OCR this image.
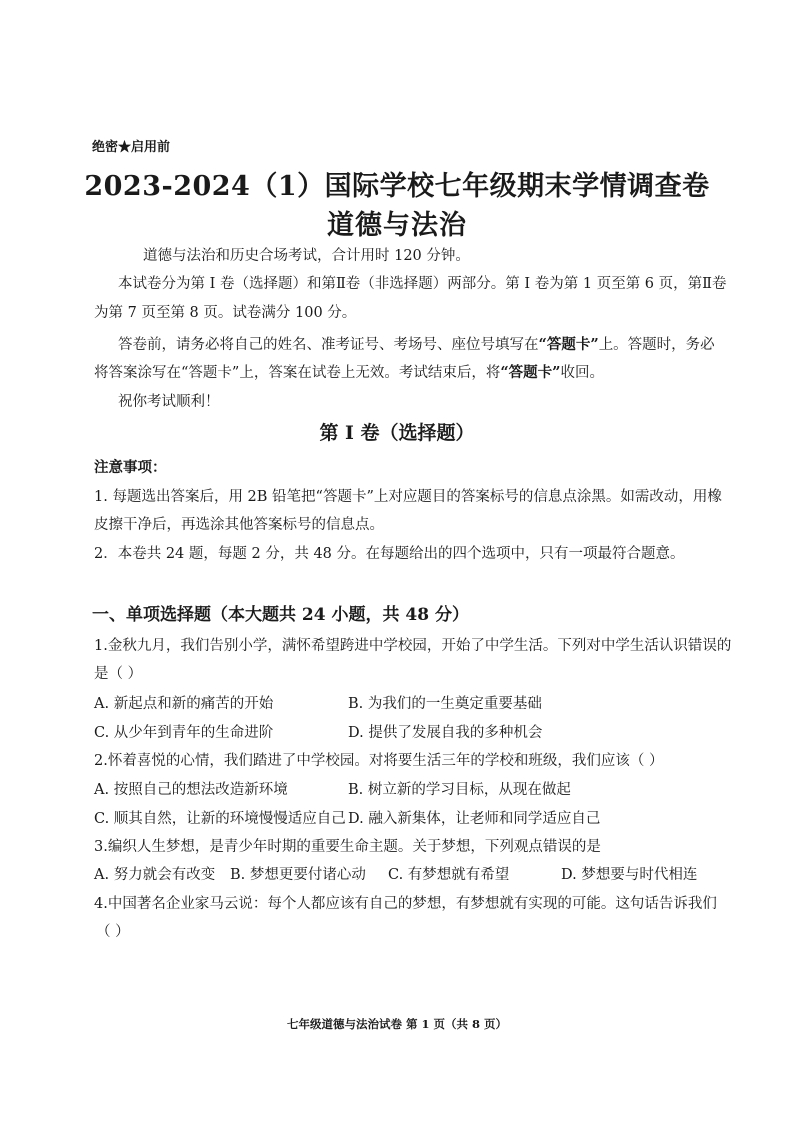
绝密★启用前
2023-2024（1）国际学校七年级期末学情调查卷
道德与法治
道德与法治和历史合场考试，合计用时 120 分钟。
本试卷分为第 I 卷（选择题）和第Ⅱ卷（非选择题）两部分。第 I 卷为第 1 页至第 6 页，第Ⅱ卷
为第 7 页至第 8 页。试卷满分 100 分。
答卷前，请务必将自己的姓名、准考证号、考场号、座位号填写在“答题卡”上。答题时，务必
将答案涂写在“答题卡”上，答案在试卷上无效。考试结束后，将“答题卡”收回。
祝你考试顺利！
第 I 卷（选择题）
注意事项：
1. 每题选出答案后，用 2B 铅笔把“答题卡”上对应题目的答案标号的信息点涂黑。如需改动，用橡
皮擦干净后，再选涂其他答案标号的信息点。
2．本卷共 24 题，每题 2 分，共 48 分。在每题给出的四个选项中，只有一项最符合题意。
一、单项选择题（本大题共 24 小题，共 48 分）
1.金秋九月，我们告别小学，满怀希望跨进中学校园，开始了中学生活。下列对中学生活认识错误的
是（ ）
A. 新起点和新的痛苦的开始	B. 为我们的一生奠定重要基础
C. 从少年到青年的生命进阶	D. 提供了发展自我的多种机会
2.怀着喜悦的心情，我们踏进了中学校园。对将要生活三年的学校和班级，我们应该（ ）
A. 按照自己的想法改造新环境	B. 树立新的学习目标，从现在做起
C. 顺其自然，让新的环境慢慢适应自己 D. 融入新集体，让老师和同学适应自己
3.编织人生梦想，是青少年时期的重要生命主题。关于梦想，下列观点错误的是
A. 努力就会有改变 B. 梦想更要付诸心动 C. 有梦想就有希望	D. 梦想要与时代相连
4.中国著名企业家马云说：每个人都应该有自己的梦想，有梦想就有实现的可能。这句话告诉我们
（ ）
七年级道德与法治试卷 第 1 页（共 8 页）
